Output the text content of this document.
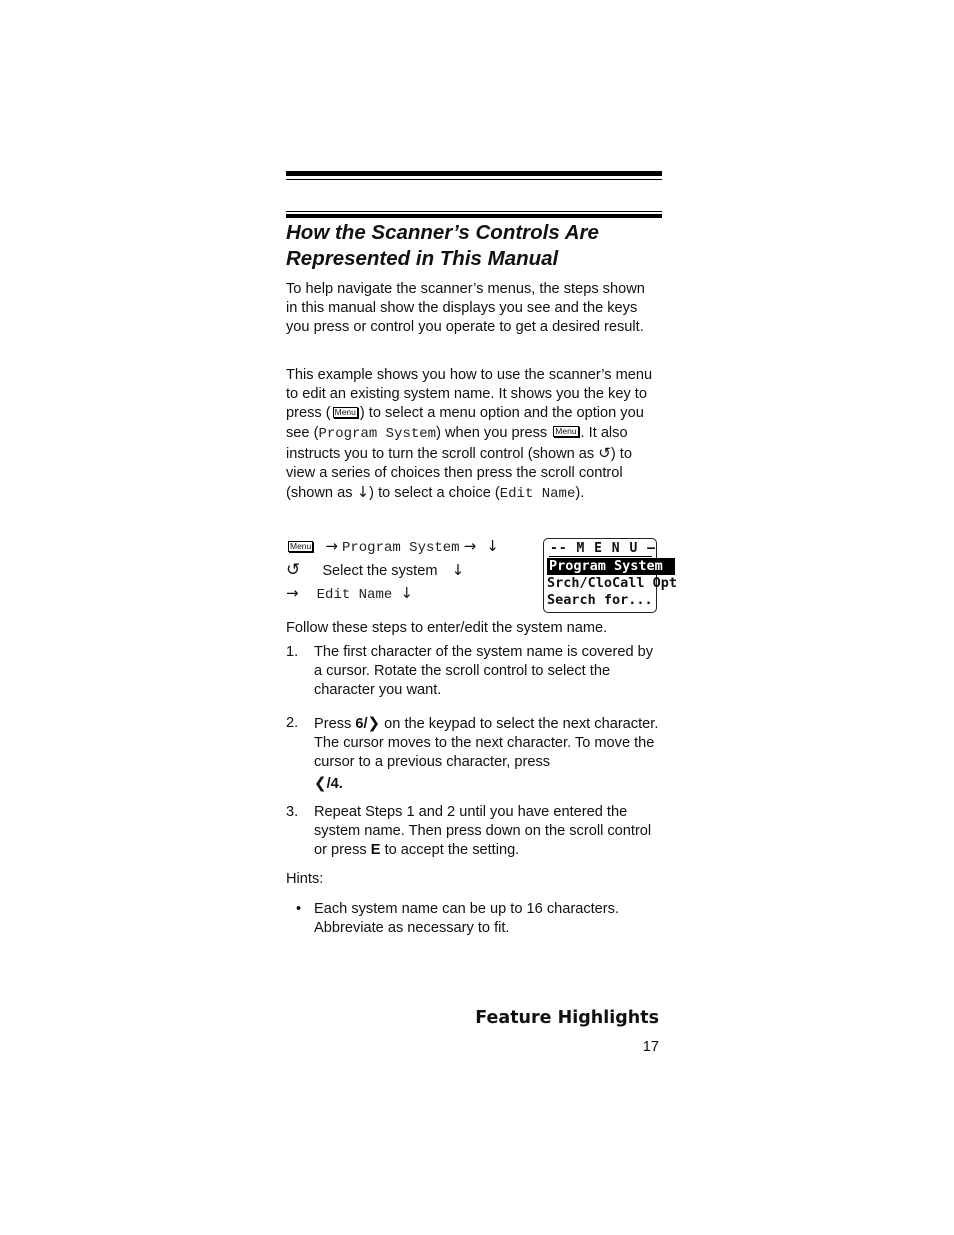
How the Scanner’s Controls Are
Represented in This Manual
To help navigate the scanner’s menus, the steps shown in this manual show the displays you see and the keys you press or control you operate to get a desired result.
This example shows you how to use the scanner’s menu to edit an existing system name. It shows you the key to press ( Menu ) to select a menu option and the option you see (Program System) when you press Menu . It also instructs you to turn the scroll control (shown as ↺) to view a series of choices then press the scroll control (shown as ↓) to select a choice (Edit Name).
Menu → Program System → ↓
↺ Select the system ↓
→ Edit Name ↓
-- M E N U —
Program System
Srch/CloCall Opt
Search for...
Follow these steps to enter/edit the system name.
1. The first character of the system name is covered by a cursor. Rotate the scroll control to select the character you want.
2. Press 6/❯ on the keypad to select the next character. The cursor moves to the next character. To move the cursor to a previous character, press
❮/4.
3. Repeat Steps 1 and 2 until you have entered the system name. Then press down on the scroll control or press E to accept the setting.
Hints:
• Each system name can be up to 16 characters. Abbreviate as necessary to fit.
Feature Highlights
17
